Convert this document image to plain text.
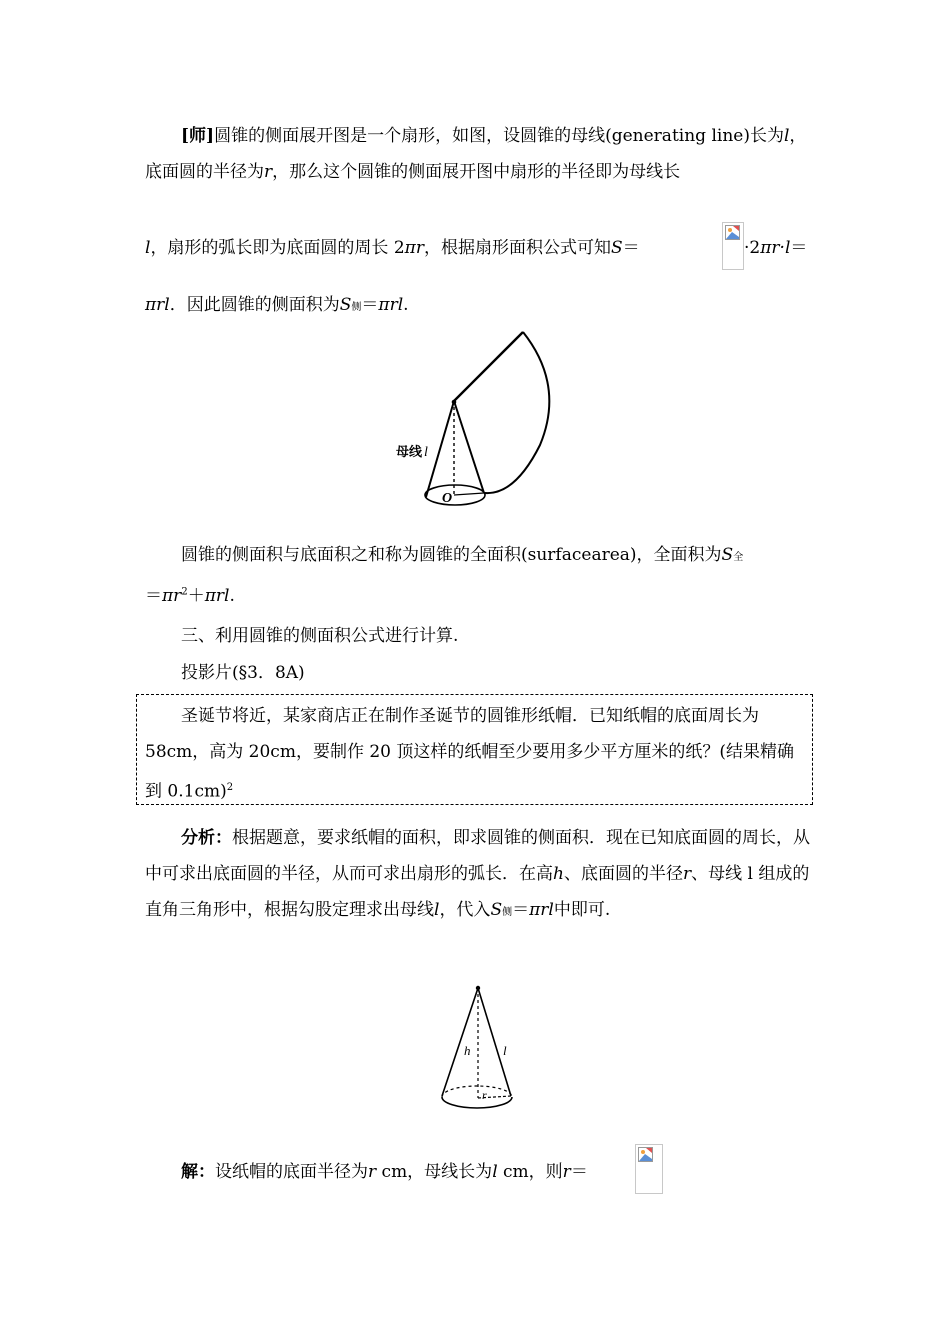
[师]圆锥的侧面展开图是一个扇形，如图，设圆锥的母线(generating line)长为l，底面圆的半径为r，那么这个圆锥的侧面展开图中扇形的半径即为母线长
l，扇形的弧长即为底面圆的周长 2πr，根据扇形面积公式可知S＝	·2πr·l＝
πrl．因此圆锥的侧面积为S侧＝πrl.
母线 l
O
圆锥的侧面积与底面积之和称为圆锥的全面积(surfacearea)，全面积为S全
$=\pi r^2+\pi rl$.
三、利用圆锥的侧面积公式进行计算.
投影片(§3．8A)
圣诞节将近，某家商店正在制作圣诞节的圆锥形纸帽．已知纸帽的底面周长为 58cm，高为 20cm，要制作 20 顶这样的纸帽至少要用多少平方厘米的纸？(结果精确到 0.1cm)$^2$
分析：根据题意，要求纸帽的面积，即求圆锥的侧面积．现在已知底面圆的周长，从中可求出底面圆的半径，从而可求出扇形的弧长．在高h、底面圆的半径r、母线 l 组成的直角三角形中，根据勾股定理求出母线l，代入S侧＝πrl中即可.
h	l
r
解：设纸帽的底面半径为r cm，母线长为l cm，则r＝
